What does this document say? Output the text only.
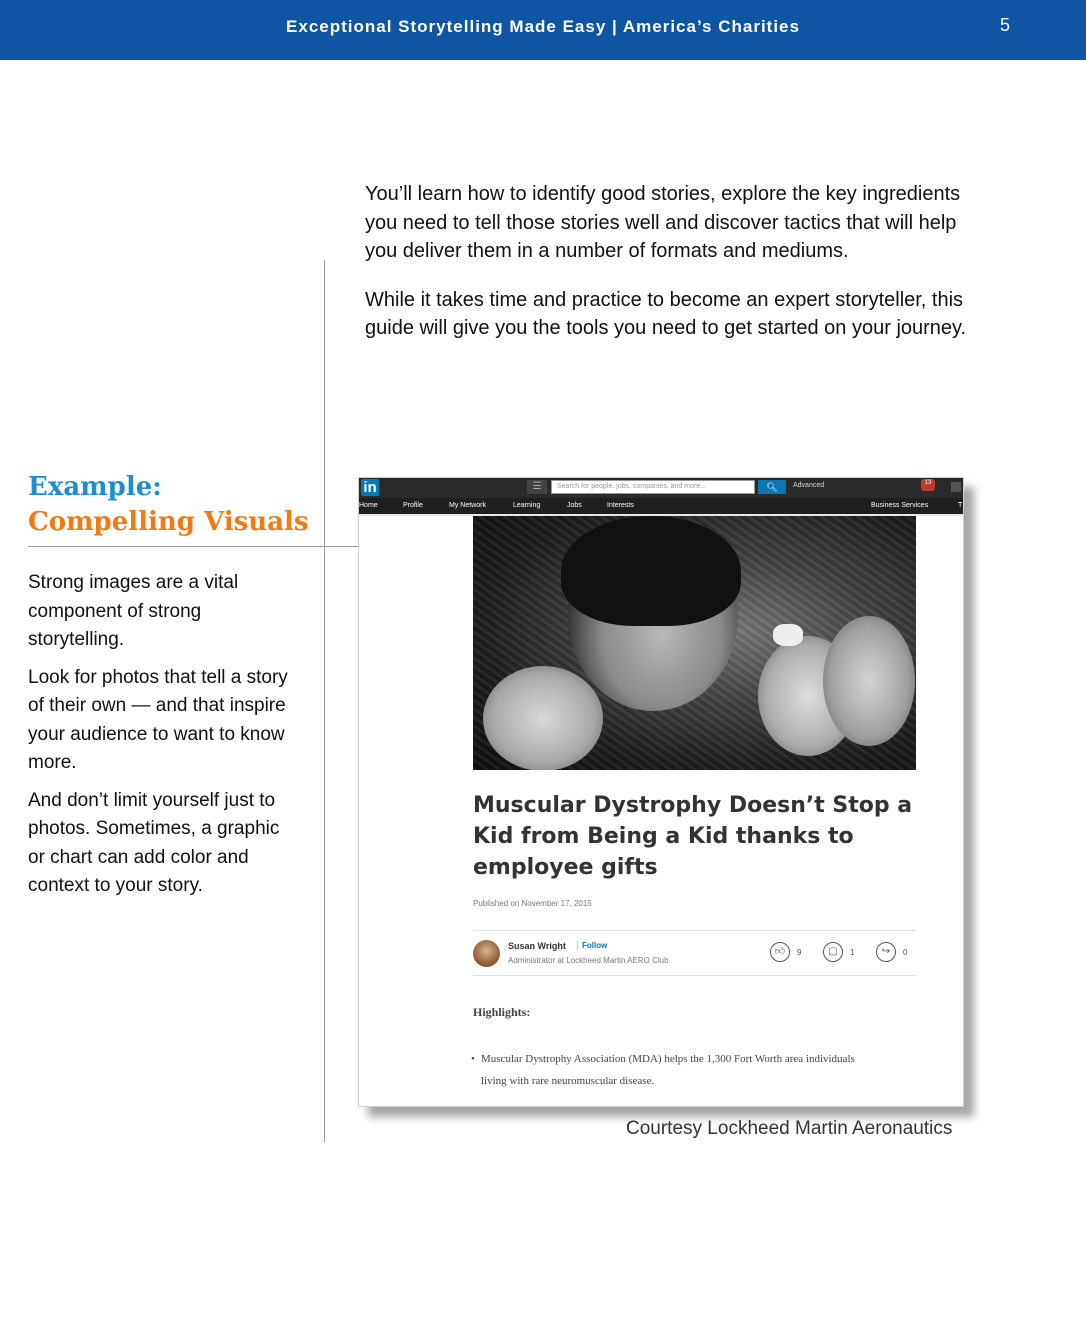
Exceptional Storytelling Made Easy | America’s Charities	5

You’ll learn how to identify good stories, explore the key ingredients you need to tell those stories well and discover tactics that will help you deliver them in a number of formats and mediums.

While it takes time and practice to become an expert storyteller, this guide will give you the tools you need to get started on your journey.

Example:
Compelling Visuals

Strong images are a vital component of strong storytelling.

Look for photos that tell a story of their own — and that inspire your audience to want to know more.

And don’t limit yourself just to photos. Sometimes, a graphic or chart can add color and context to your story.

in	☰	Search for people, jobs, companies, and more...	🔍︎	Advanced	13
Home	Profile	My Network	Learning	Jobs	Interests	Business Services	T
Muscular Dystrophy Doesn’t Stop a Kid from Being a Kid thanks to employee gifts
Published on November 17, 2015
Susan Wright	Follow
Administrator at Lockheed Martin AERO Club
👍︎	9	▢	1	↪	0
Highlights:
• Muscular Dystrophy Association (MDA) helps the 1,300 Fort Worth area individuals living with rare neuromuscular disease.
Courtesy Lockheed Martin Aeronautics
